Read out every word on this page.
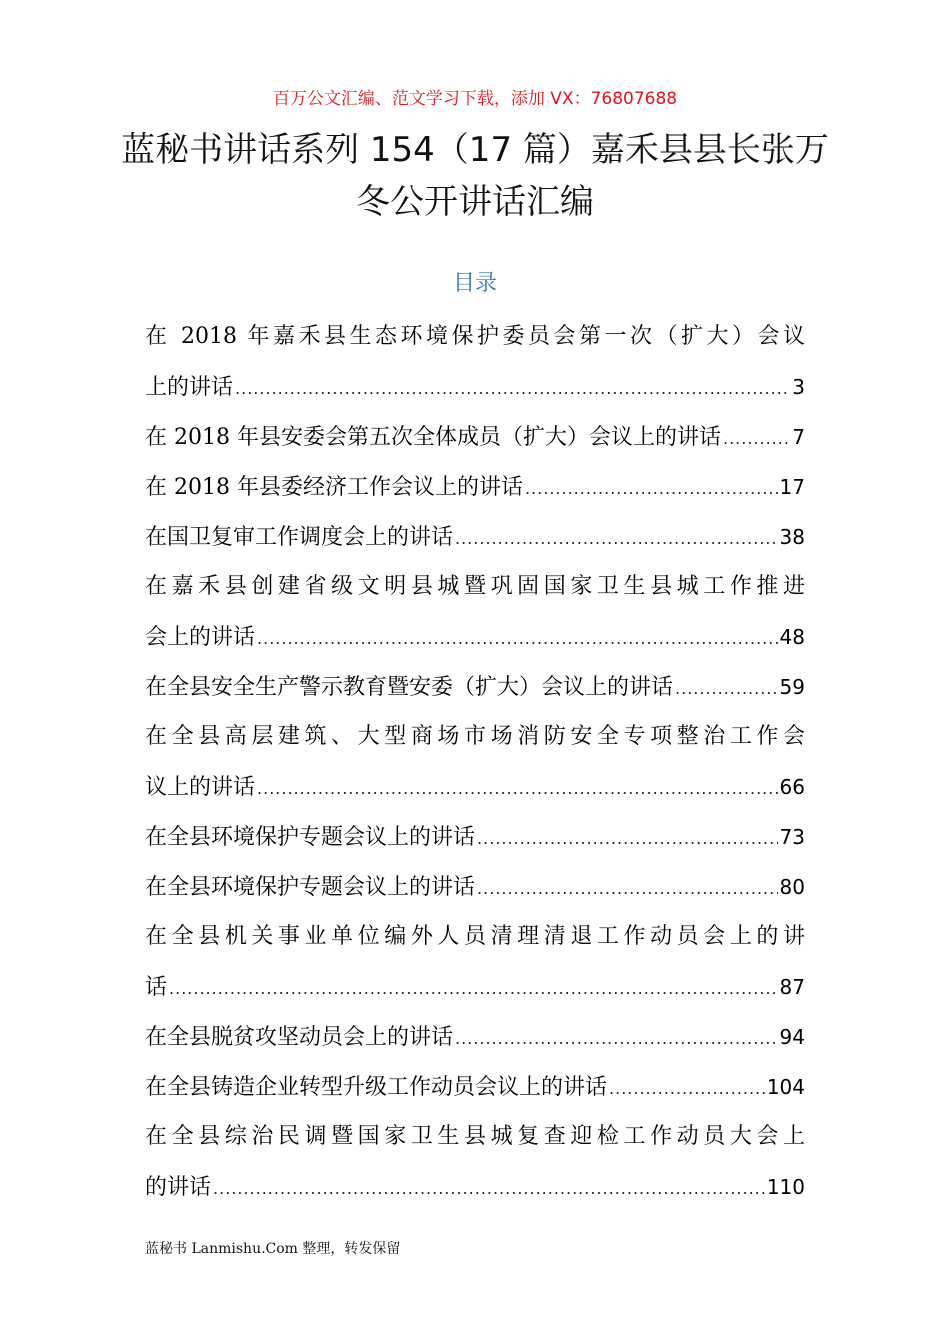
百万公文汇编、范文学习下载，添加 VX：76807688
蓝秘书讲话系列 154（17 篇）嘉禾县县长张万冬公开讲话汇编
目录
在 2018 年嘉禾县生态环境保护委员会第一次（扩大）会议
上的讲话 .....	3
在 2018 年县安委会第五次全体成员（扩大）会议上的讲话 .....	7
在 2018 年县委经济工作会议上的讲话 .....	17
在国卫复审工作调度会上的讲话 .....	38
在嘉禾县创建省级文明县城暨巩固国家卫生县城工作推进
会上的讲话 .....	48
在全县安全生产警示教育暨安委（扩大）会议上的讲话 .....	59
在全县高层建筑、大型商场市场消防安全专项整治工作会
议上的讲话 .....	66
在全县环境保护专题会议上的讲话 .....	73
在全县环境保护专题会议上的讲话 .....	80
在全县机关事业单位编外人员清理清退工作动员会上的讲
话 .....	87
在全县脱贫攻坚动员会上的讲话 .....	94
在全县铸造企业转型升级工作动员会议上的讲话 .....	104
在全县综治民调暨国家卫生县城复查迎检工作动员大会上
的讲话 .....	110
蓝秘书 Lanmishu.Com 整理，转发保留
